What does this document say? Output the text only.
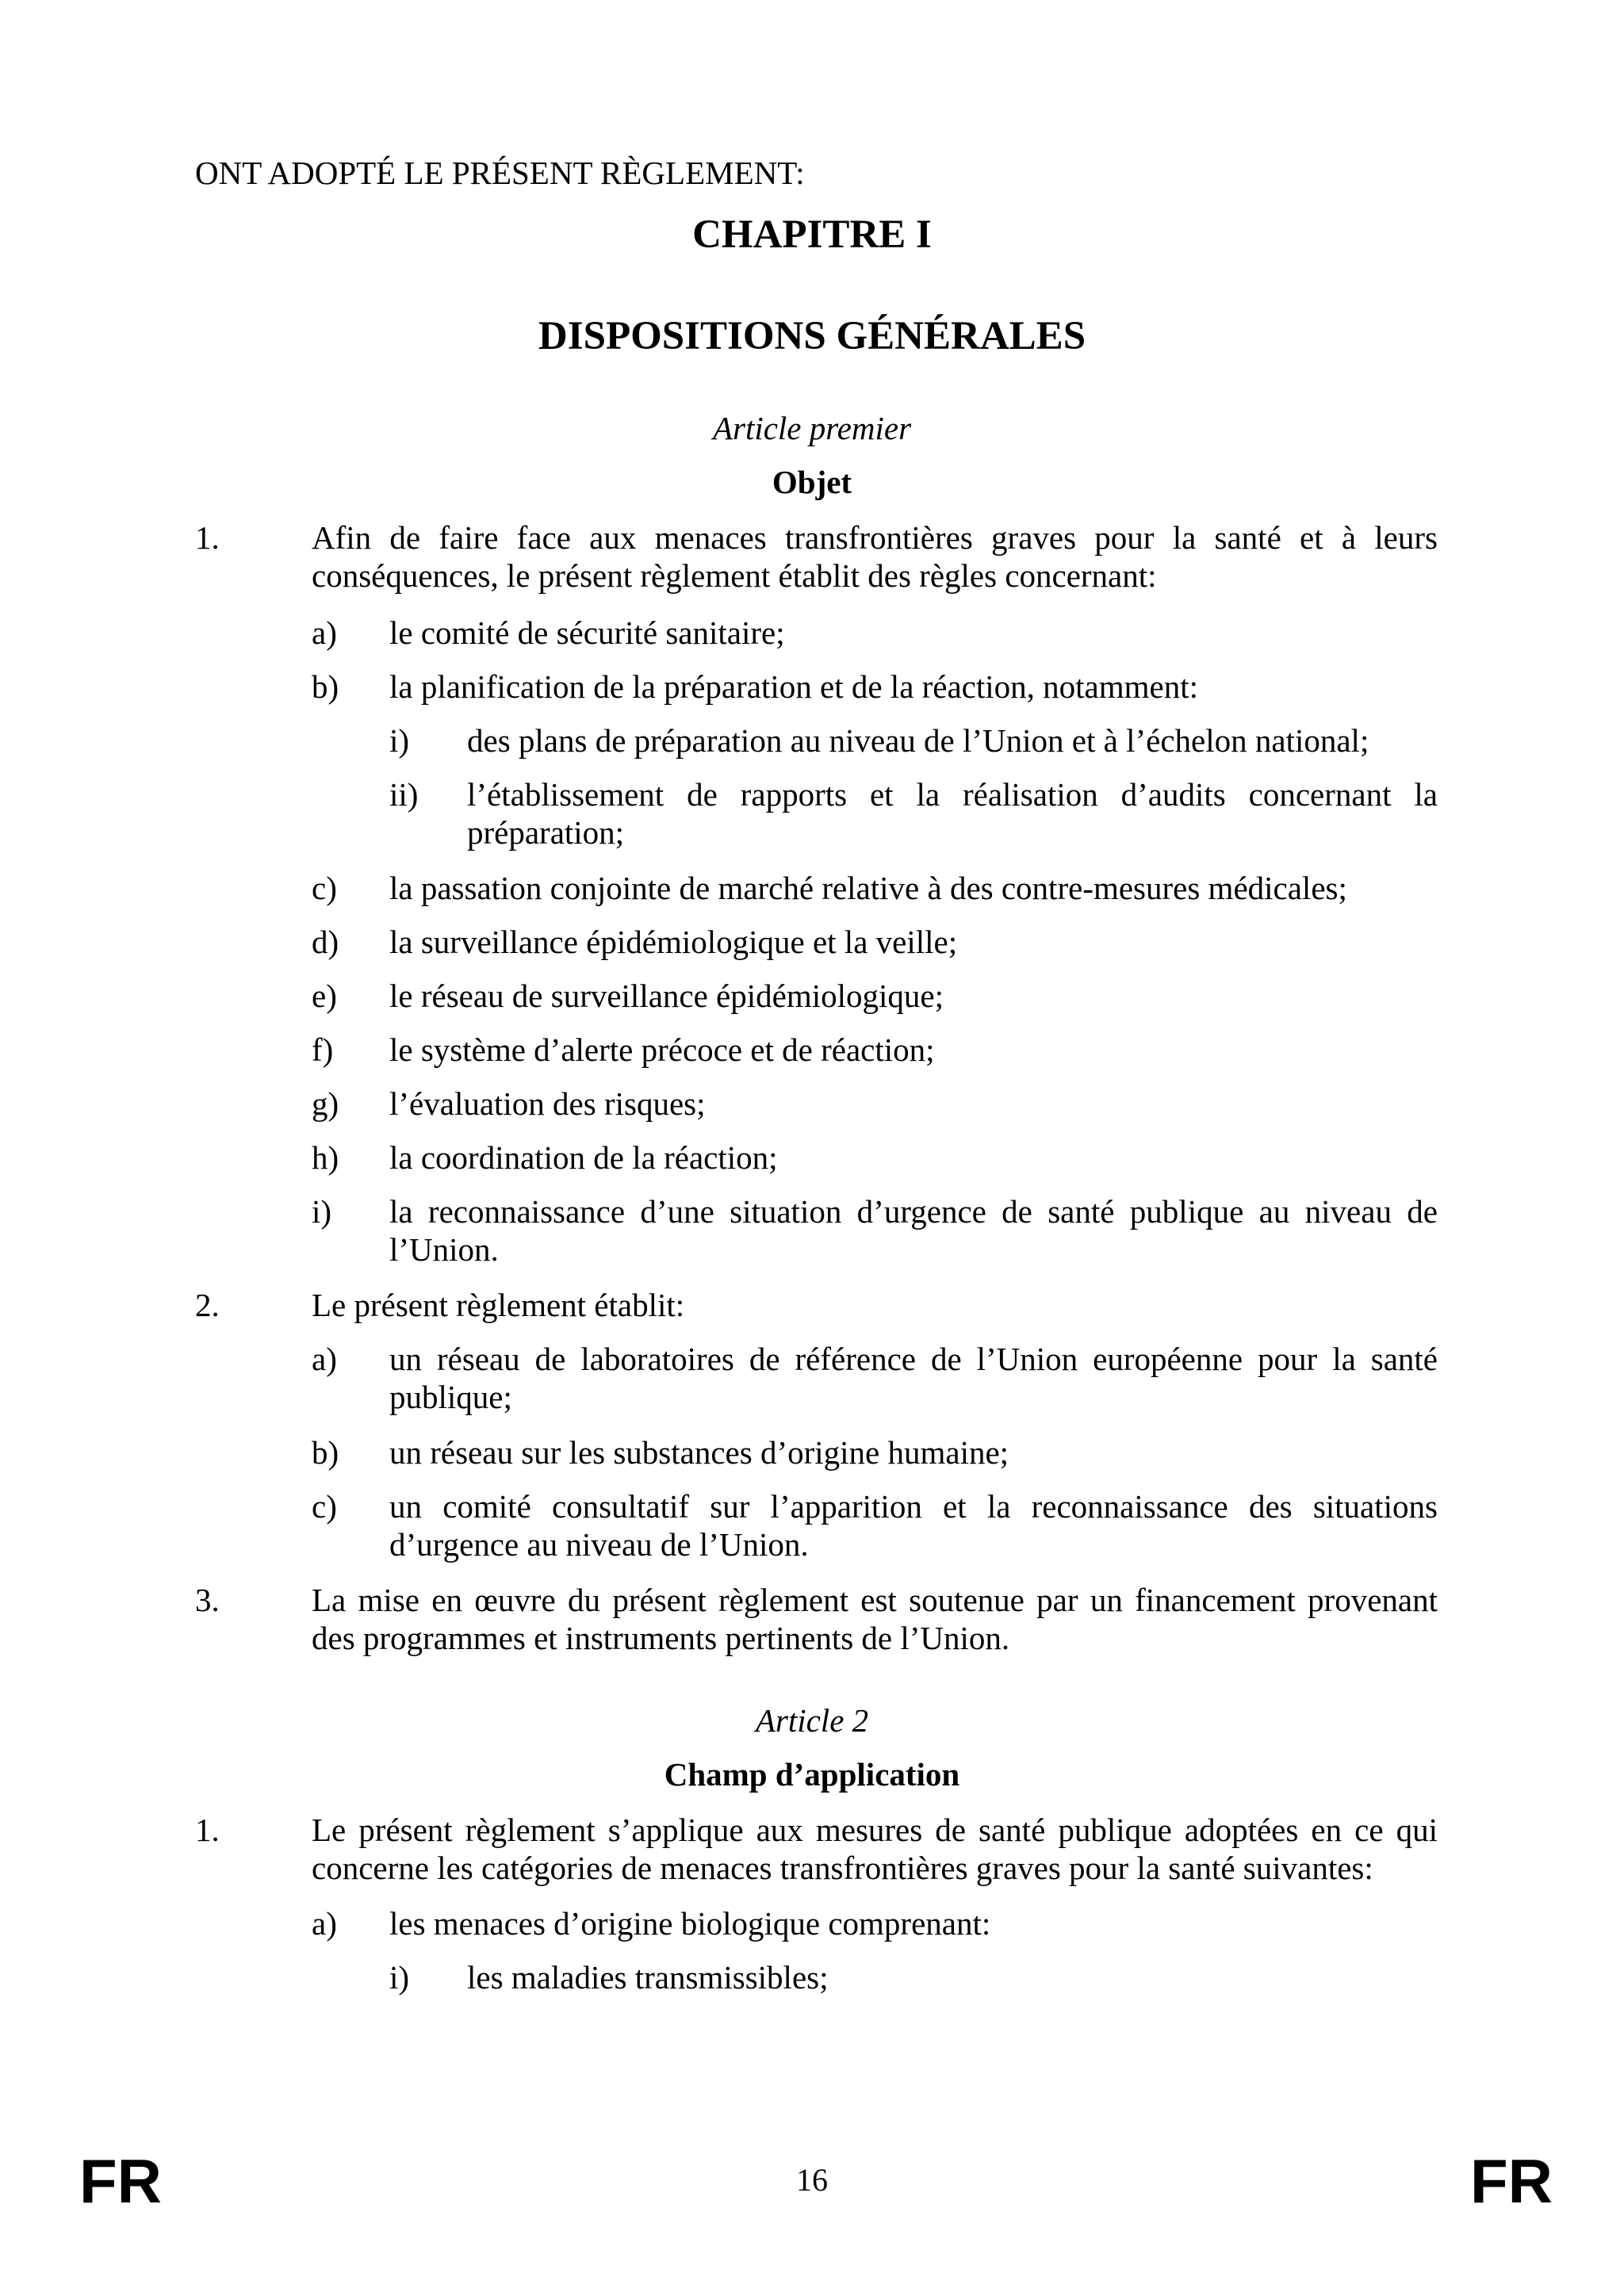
ONT ADOPTÉ LE PRÉSENT RÈGLEMENT:
CHAPITRE I
DISPOSITIONS GÉNÉRALES
Article premier
Objet
1.	Afin de faire face aux menaces transfrontières graves pour la santé et à leurs
conséquences, le présent règlement établit des règles concernant:
a) le comité de sécurité sanitaire;
b) la planification de la préparation et de la réaction, notamment:
i) des plans de préparation au niveau de l’Union et à l’échelon national;
ii) l’établissement de rapports et la réalisation d’audits concernant la
préparation;
c) la passation conjointe de marché relative à des contre-mesures médicales;
d) la surveillance épidémiologique et la veille;
e) le réseau de surveillance épidémiologique;
f) le système d’alerte précoce et de réaction;
g) l’évaluation des risques;
h) la coordination de la réaction;
i) la reconnaissance d’une situation d’urgence de santé publique au niveau de
l’Union.
2.	Le présent règlement établit:
a) un réseau de laboratoires de référence de l’Union européenne pour la santé
publique;
b) un réseau sur les substances d’origine humaine;
c) un comité consultatif sur l’apparition et la reconnaissance des situations
d’urgence au niveau de l’Union.
3.	La mise en œuvre du présent règlement est soutenue par un financement provenant
des programmes et instruments pertinents de l’Union.
Article 2
Champ d’application
1.	Le présent règlement s’applique aux mesures de santé publique adoptées en ce qui
concerne les catégories de menaces transfrontières graves pour la santé suivantes:
a) les menaces d’origine biologique comprenant:
i) les maladies transmissibles;
FR	16	FR
